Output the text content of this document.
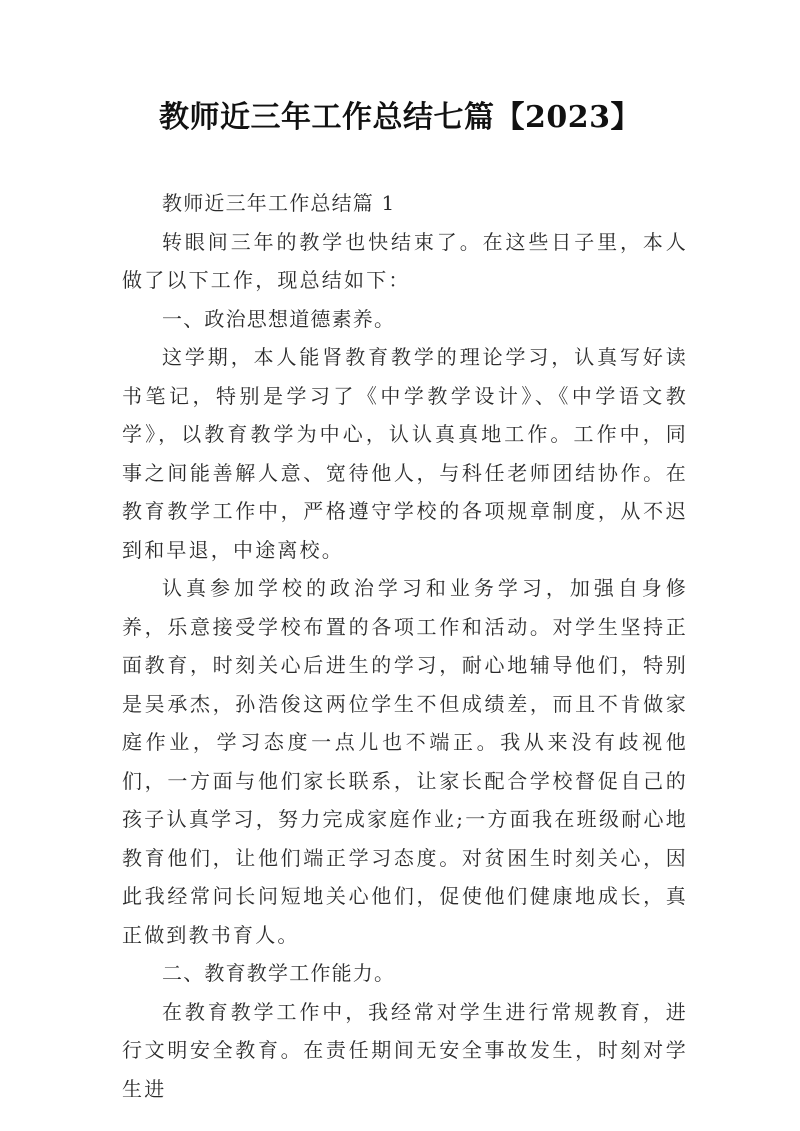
教师近三年工作总结七篇【2023】

教师近三年工作总结篇 1

转眼间三年的教学也快结束了。在这些日子里，本人做了以下工作，现总结如下：

一、政治思想道德素养。

这学期，本人能肾教育教学的理论学习，认真写好读书笔记，特别是学习了《中学教学设计》、《中学语文教学》，以教育教学为中心，认认真真地工作。工作中，同事之间能善解人意、宽待他人，与科任老师团结协作。在教育教学工作中，严格遵守学校的各项规章制度，从不迟到和早退，中途离校。

认真参加学校的政治学习和业务学习，加强自身修养，乐意接受学校布置的各项工作和活动。对学生坚持正面教育，时刻关心后进生的学习，耐心地辅导他们，特别是吴承杰，孙浩俊这两位学生不但成绩差，而且不肯做家庭作业，学习态度一点儿也不端正。我从来没有歧视他们，一方面与他们家长联系，让家长配合学校督促自己的孩子认真学习，努力完成家庭作业;一方面我在班级耐心地教育他们，让他们端正学习态度。对贫困生时刻关心，因此我经常问长问短地关心他们，促使他们健康地成长，真正做到教书育人。

二、教育教学工作能力。

在教育教学工作中，我经常对学生进行常规教育，进行文明安全教育。在责任期间无安全事故发生，时刻对学生进
